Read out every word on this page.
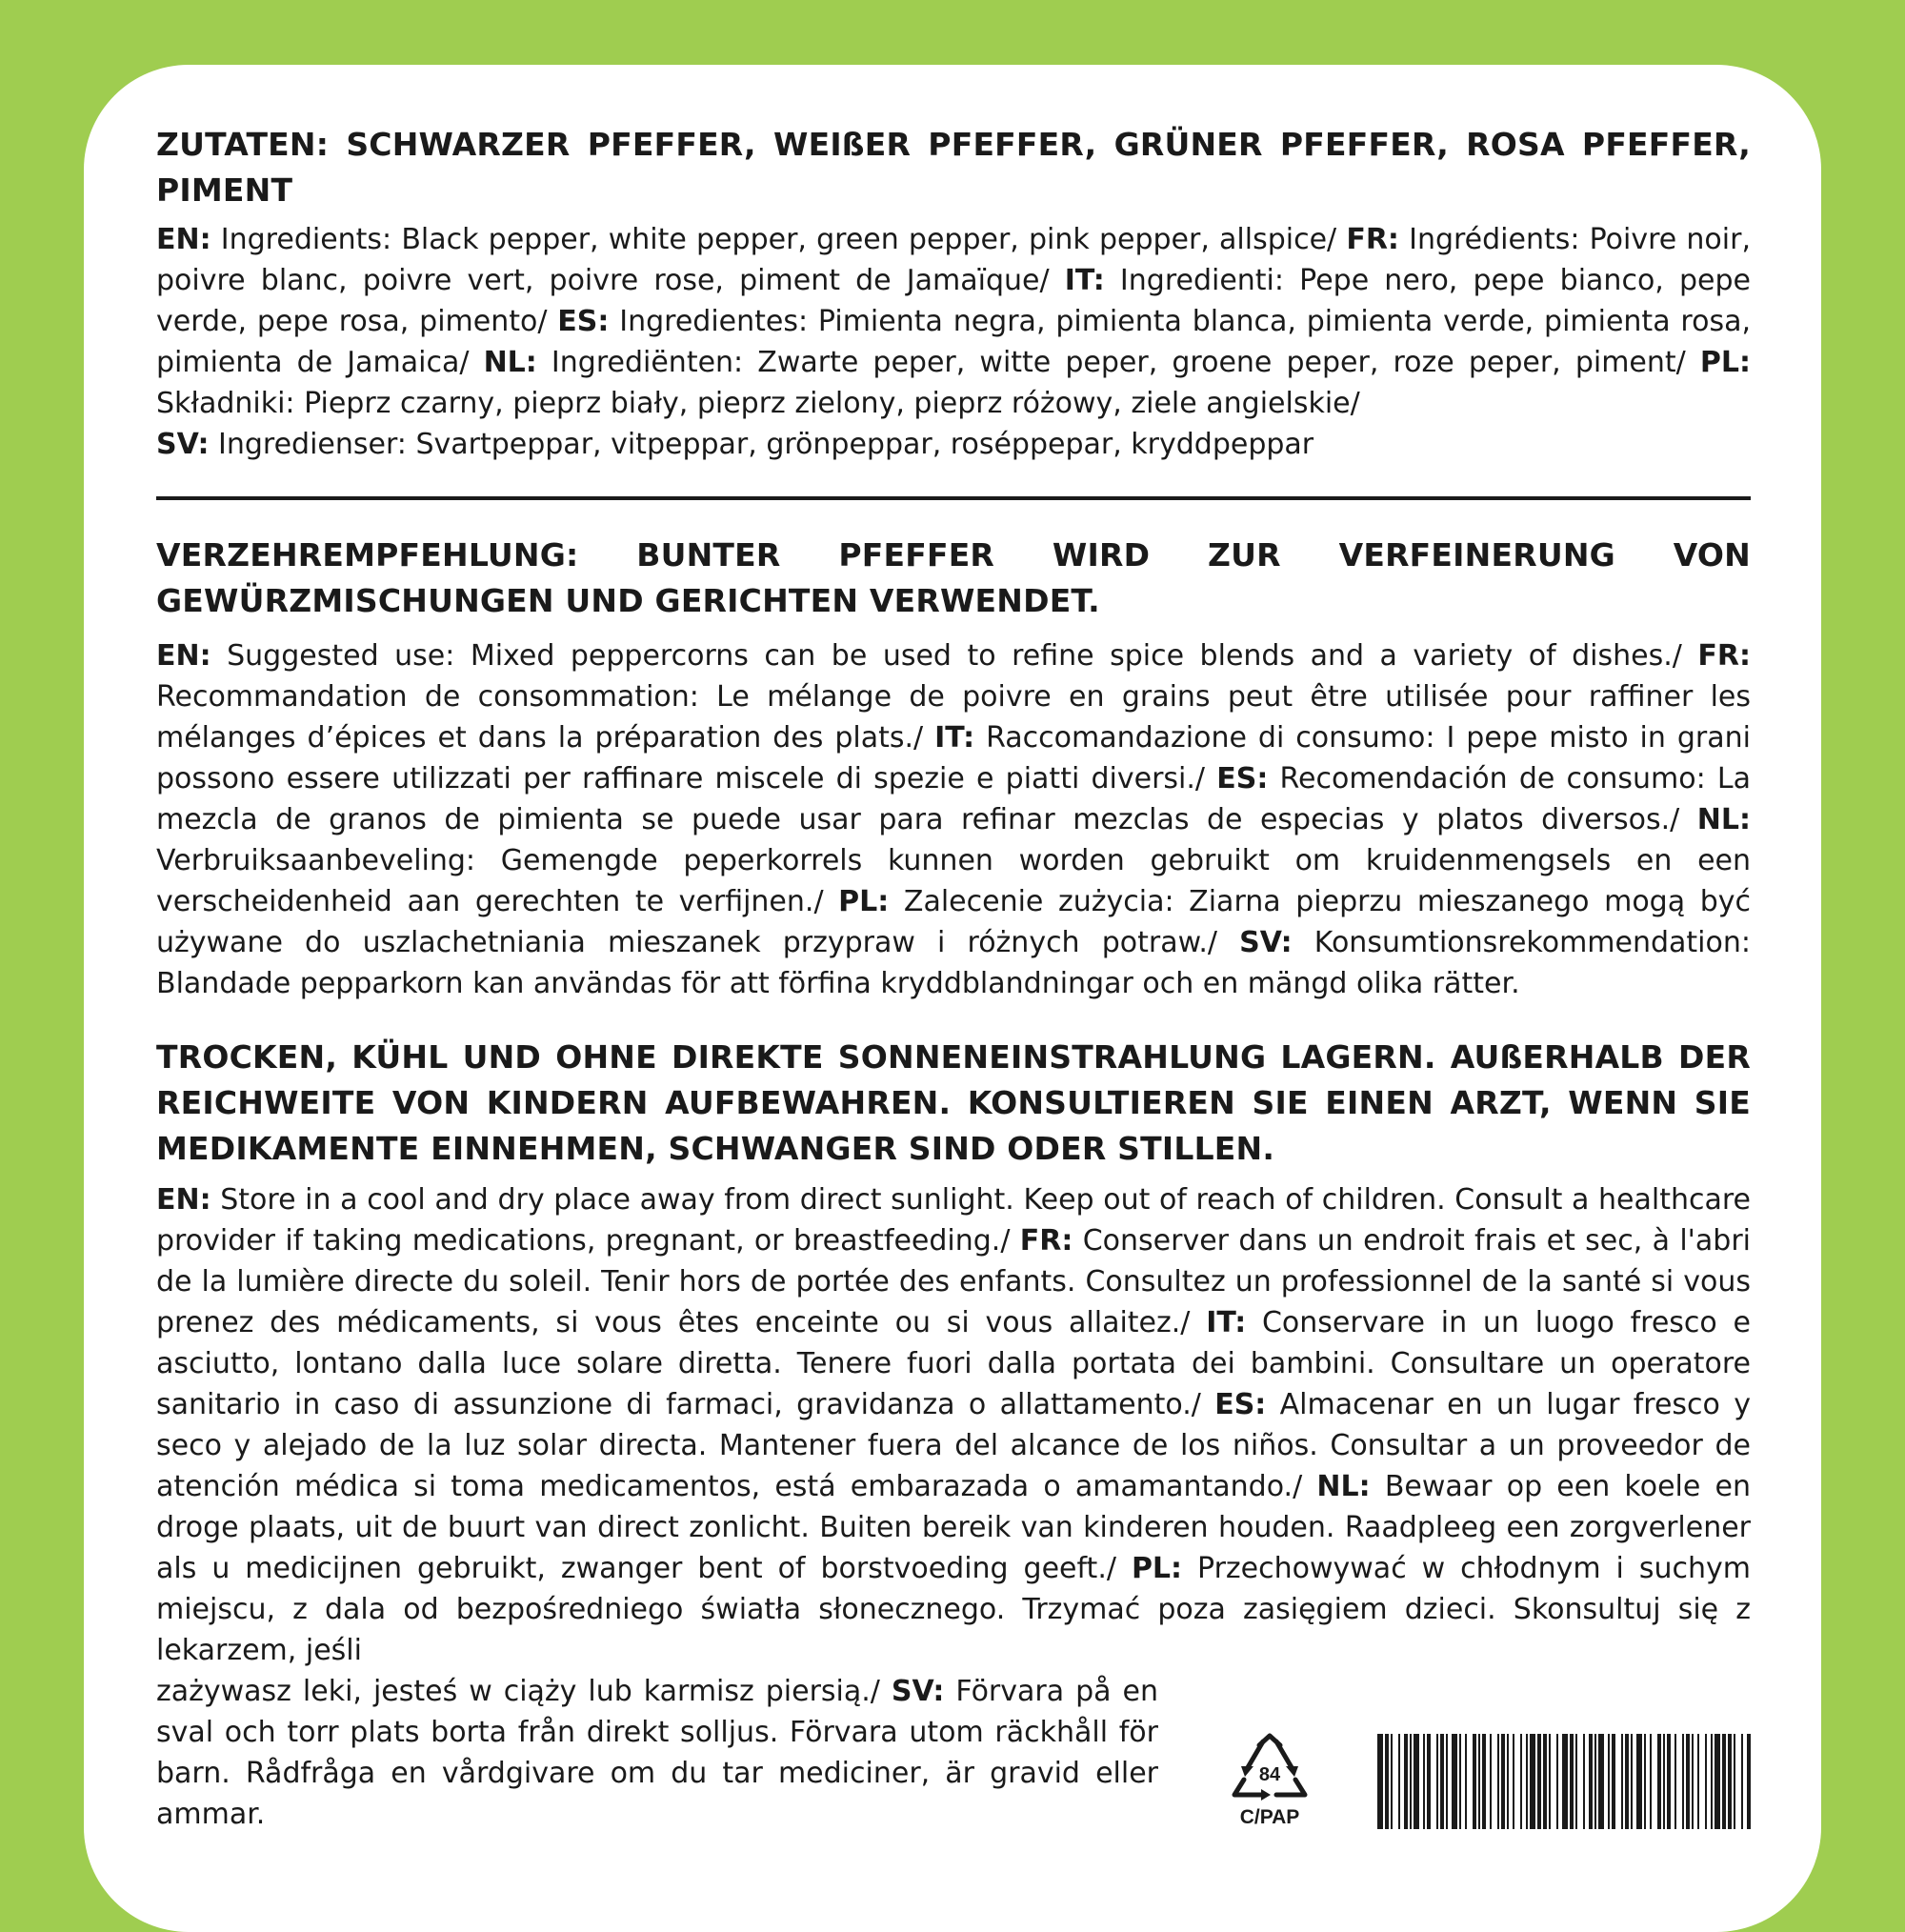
ZUTATEN: SCHWARZER PFEFFER, WEIßER PFEFFER, GRÜNER PFEFFER, ROSA PFEFFER, PIMENT

EN: Ingredients: Black pepper, white pepper, green pepper, pink pepper, allspice/ FR: Ingrédients: Poivre noir, poivre blanc, poivre vert, poivre rose, piment de Jamaïque/ IT: Ingredienti: Pepe nero, pepe bianco, pepe verde, pepe rosa, pimento/ ES: Ingredientes: Pimienta negra, pimienta blanca, pimienta verde, pimienta rosa, pimienta de Jamaica/ NL: Ingrediënten: Zwarte peper, witte peper, groene peper, roze peper, piment/ PL: Składniki: Pieprz czarny, pieprz biały, pieprz zielony, pieprz różowy, ziele angielskie/
SV: Ingredienser: Svartpeppar, vitpeppar, grönpeppar, roséppepar, kryddpeppar

VERZEHREMPFEHLUNG: BUNTER PFEFFER WIRD ZUR VERFEINERUNG VON GEWÜRZMISCHUNGEN UND GERICHTEN VERWENDET.

EN: Suggested use: Mixed peppercorns can be used to refine spice blends and a variety of dishes./ FR: Recommandation de consommation: Le mélange de poivre en grains peut être utilisée pour raffiner les mélanges d’épices et dans la préparation des plats./ IT: Raccomandazione di consumo: I pepe misto in grani possono essere utilizzati per raffinare miscele di spezie e piatti diversi./ ES: Recomendación de consumo: La mezcla de granos de pimienta se puede usar para refinar mezclas de especias y platos diversos./ NL: Verbruiksaanbeveling: Gemengde peperkorrels kunnen worden gebruikt om kruidenmengsels en een verscheidenheid aan gerechten te verfijnen./ PL: Zalecenie zużycia: Ziarna pieprzu mieszanego mogą być używane do uszlachetniania mieszanek przypraw i różnych potraw./ SV: Konsumtionsrekommendation: Blandade pepparkorn kan användas för att förfina kryddblandningar och en mängd olika rätter.

TROCKEN, KÜHL UND OHNE DIREKTE SONNENEINSTRAHLUNG LAGERN. AUßERHALB DER REICHWEITE VON KINDERN AUFBEWAHREN. KONSULTIEREN SIE EINEN ARZT, WENN SIE MEDIKAMENTE EINNEHMEN, SCHWANGER SIND ODER STILLEN.

EN: Store in a cool and dry place away from direct sunlight. Keep out of reach of children. Consult a healthcare provider if taking medications, pregnant, or breastfeeding./ FR: Conserver dans un endroit frais et sec, à l'abri de la lumière directe du soleil. Tenir hors de portée des enfants. Consultez un professionnel de la santé si vous prenez des médicaments, si vous êtes enceinte ou si vous allaitez./ IT: Conservare in un luogo fresco e asciutto, lontano dalla luce solare diretta. Tenere fuori dalla portata dei bambini. Consultare un operatore sanitario in caso di assunzione di farmaci, gravidanza o allattamento./ ES: Almacenar en un lugar fresco y seco y alejado de la luz solar directa. Mantener fuera del alcance de los niños. Consultar a un proveedor de atención médica si toma medicamentos, está embarazada o amamantando./ NL: Bewaar op een koele en droge plaats, uit de buurt van direct zonlicht. Buiten bereik van kinderen houden. Raadpleeg een zorgverlener als u medicijnen gebruikt, zwanger bent of borstvoeding geeft./ PL: Przechowywać w chłodnym i suchym miejscu, z dala od bezpośredniego światła słonecznego. Trzymać poza zasięgiem dzieci. Skonsultuj się z lekarzem, jeśli

zażywasz leki, jesteś w ciąży lub karmisz piersią./ SV: Förvara på en sval och torr plats borta från direkt solljus. Förvara utom räckhåll för barn. Rådfråga en vårdgivare om du tar mediciner, är gravid eller ammar.

84
C/PAP
